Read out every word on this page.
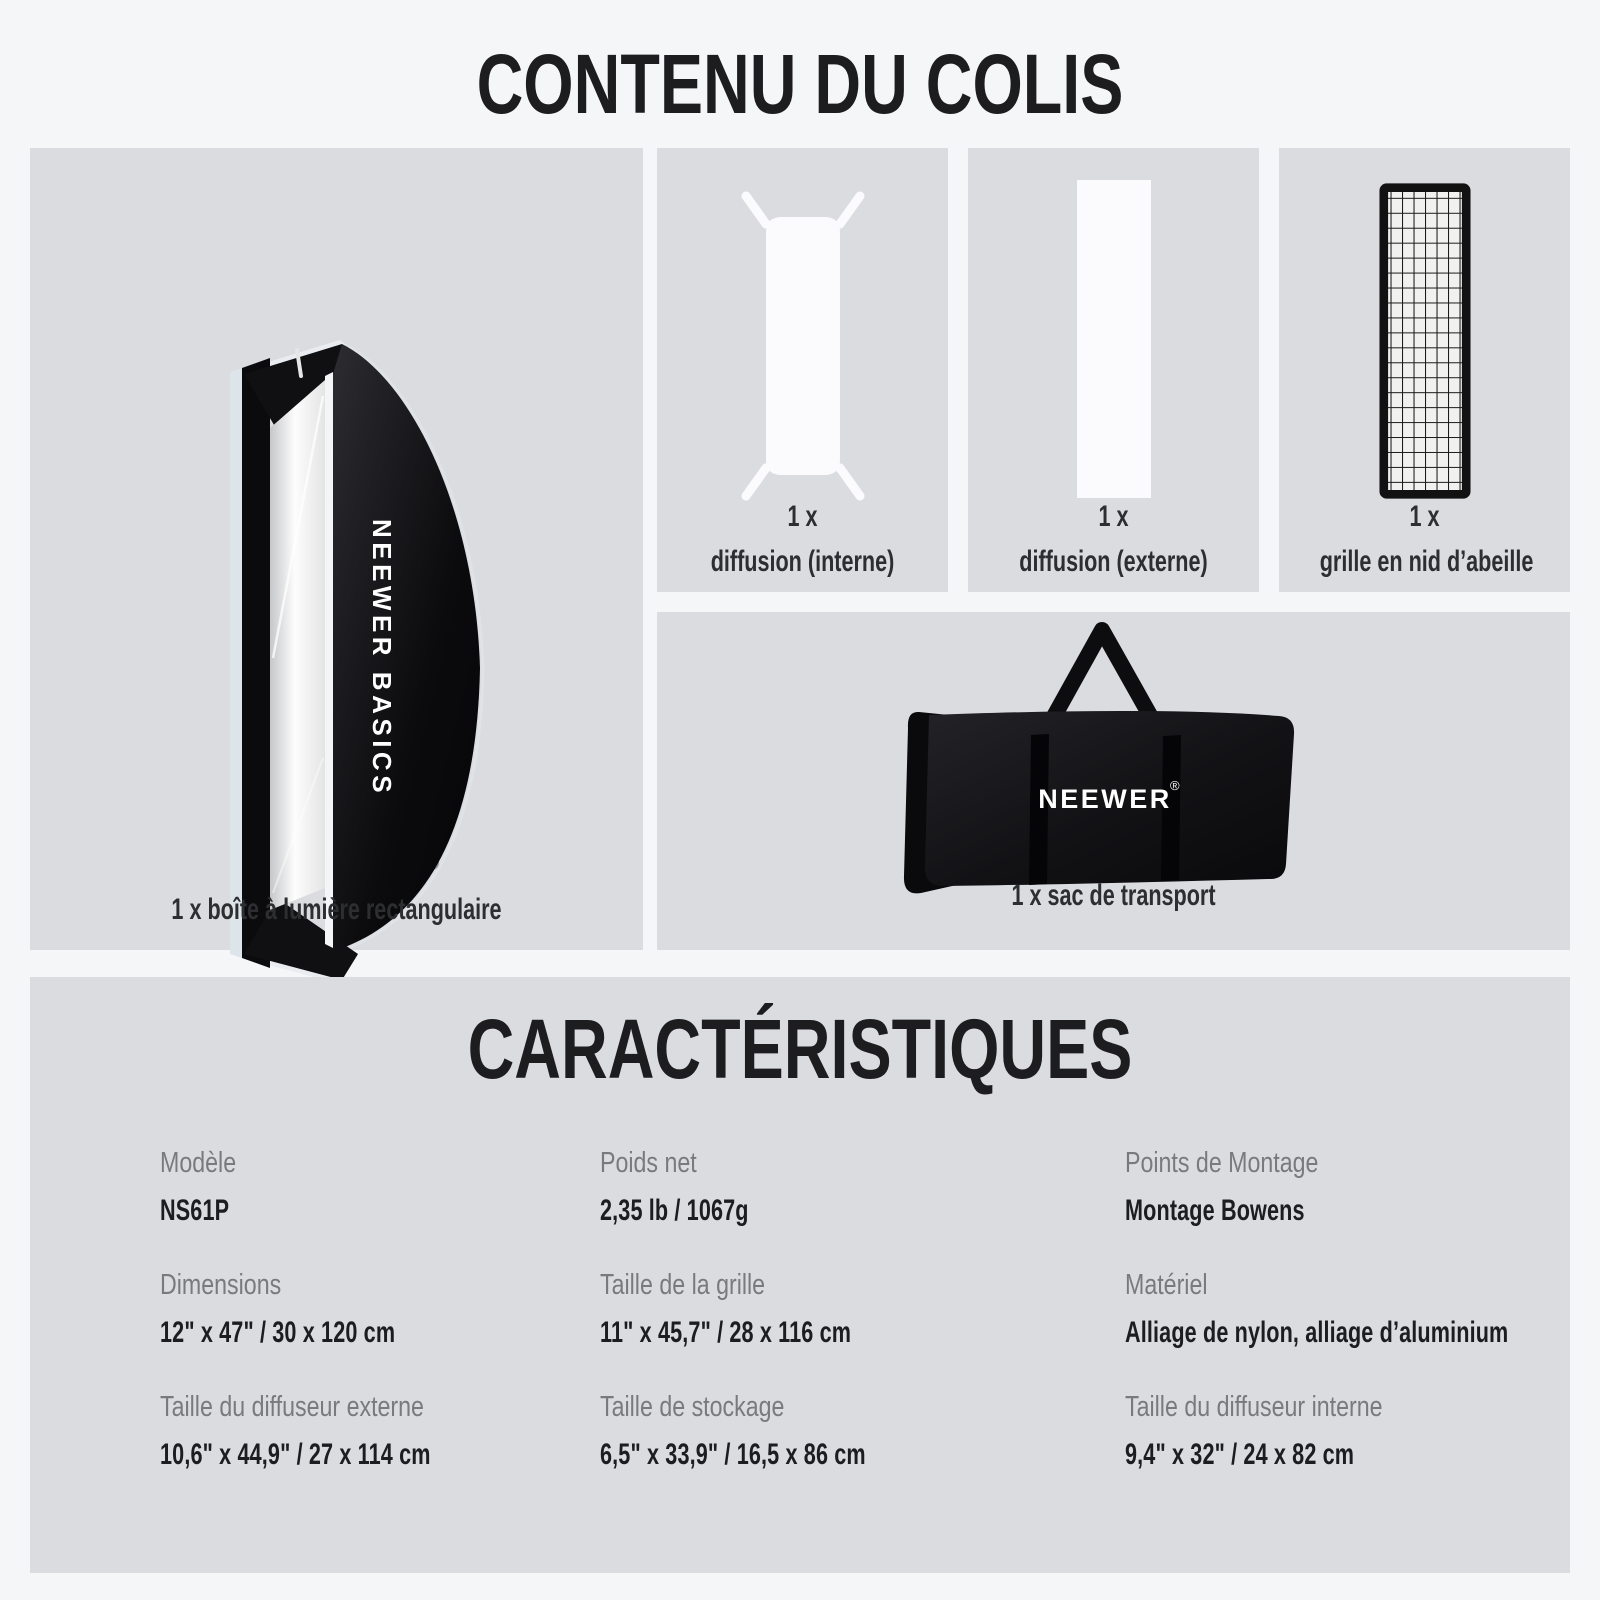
CONTENU DU COLIS
NEEWER BASICS
1 x boîte à lumière rectangulaire
1 x
diffusion (interne)
1 x
diffusion (externe)
1 x
grille en nid d’abeille
NEEWER
®
1 x sac de transport
CARACTÉRISTIQUES
Modèle
NS61P
Poids net
2,35 lb / 1067g
Points de Montage
Montage Bowens
Dimensions
12" x 47" / 30 x 120 cm
Taille de la grille
11" x 45,7" / 28 x 116 cm
Matériel
Alliage de nylon, alliage d’aluminium
Taille du diffuseur externe
10,6" x 44,9" / 27 x 114 cm
Taille de stockage
6,5" x 33,9" / 16,5 x 86 cm
Taille du diffuseur interne
9,4" x 32" / 24 x 82 cm
